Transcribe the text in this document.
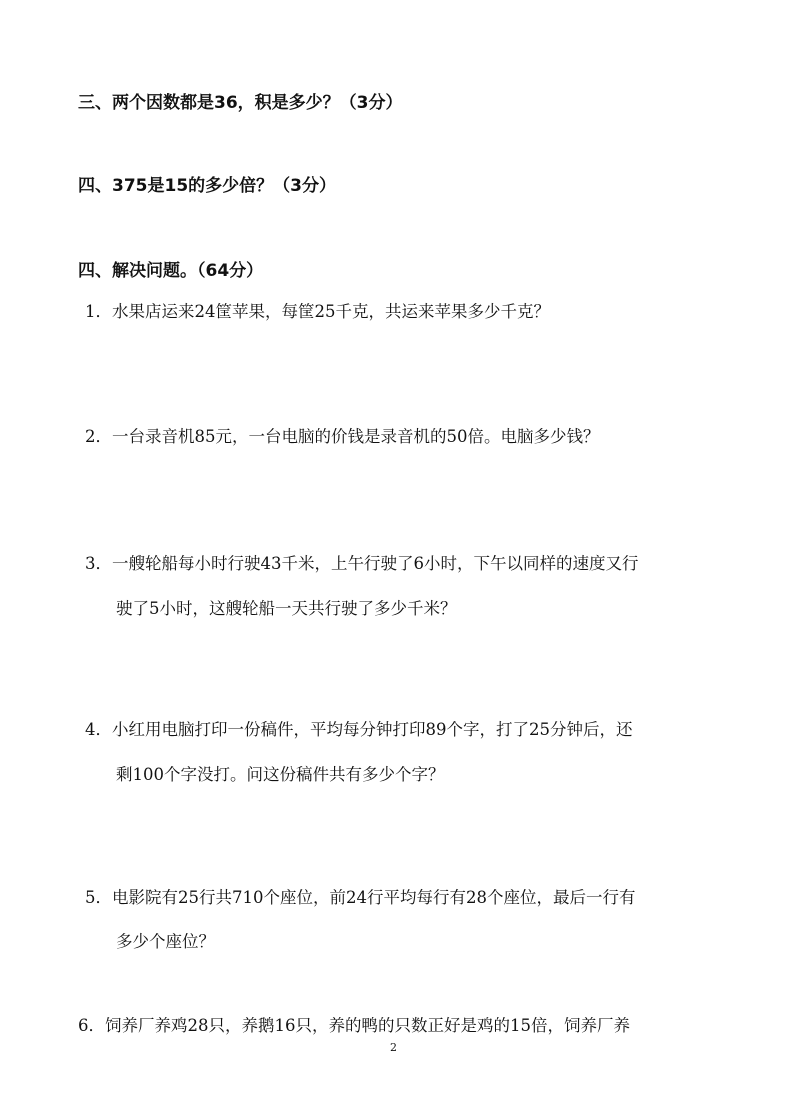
三、两个因数都是36，积是多少？（3分）
四、375是15的多少倍？（3分）
四、解决问题。（64分）
1．水果店运来24筐苹果，每筐25千克，共运来苹果多少千克？
2．一台录音机85元，一台电脑的价钱是录音机的50倍。电脑多少钱？
3．一艘轮船每小时行驶43千米，上午行驶了6小时，下午以同样的速度又行
驶了5小时，这艘轮船一天共行驶了多少千米？
4．小红用电脑打印一份稿件，平均每分钟打印89个字，打了25分钟后，还
剩100个字没打。问这份稿件共有多少个字？
5．电影院有25行共710个座位，前24行平均每行有28个座位，最后一行有
多少个座位？
6．饲养厂养鸡28只，养鹅16只，养的鸭的只数正好是鸡的15倍，饲养厂养
2
